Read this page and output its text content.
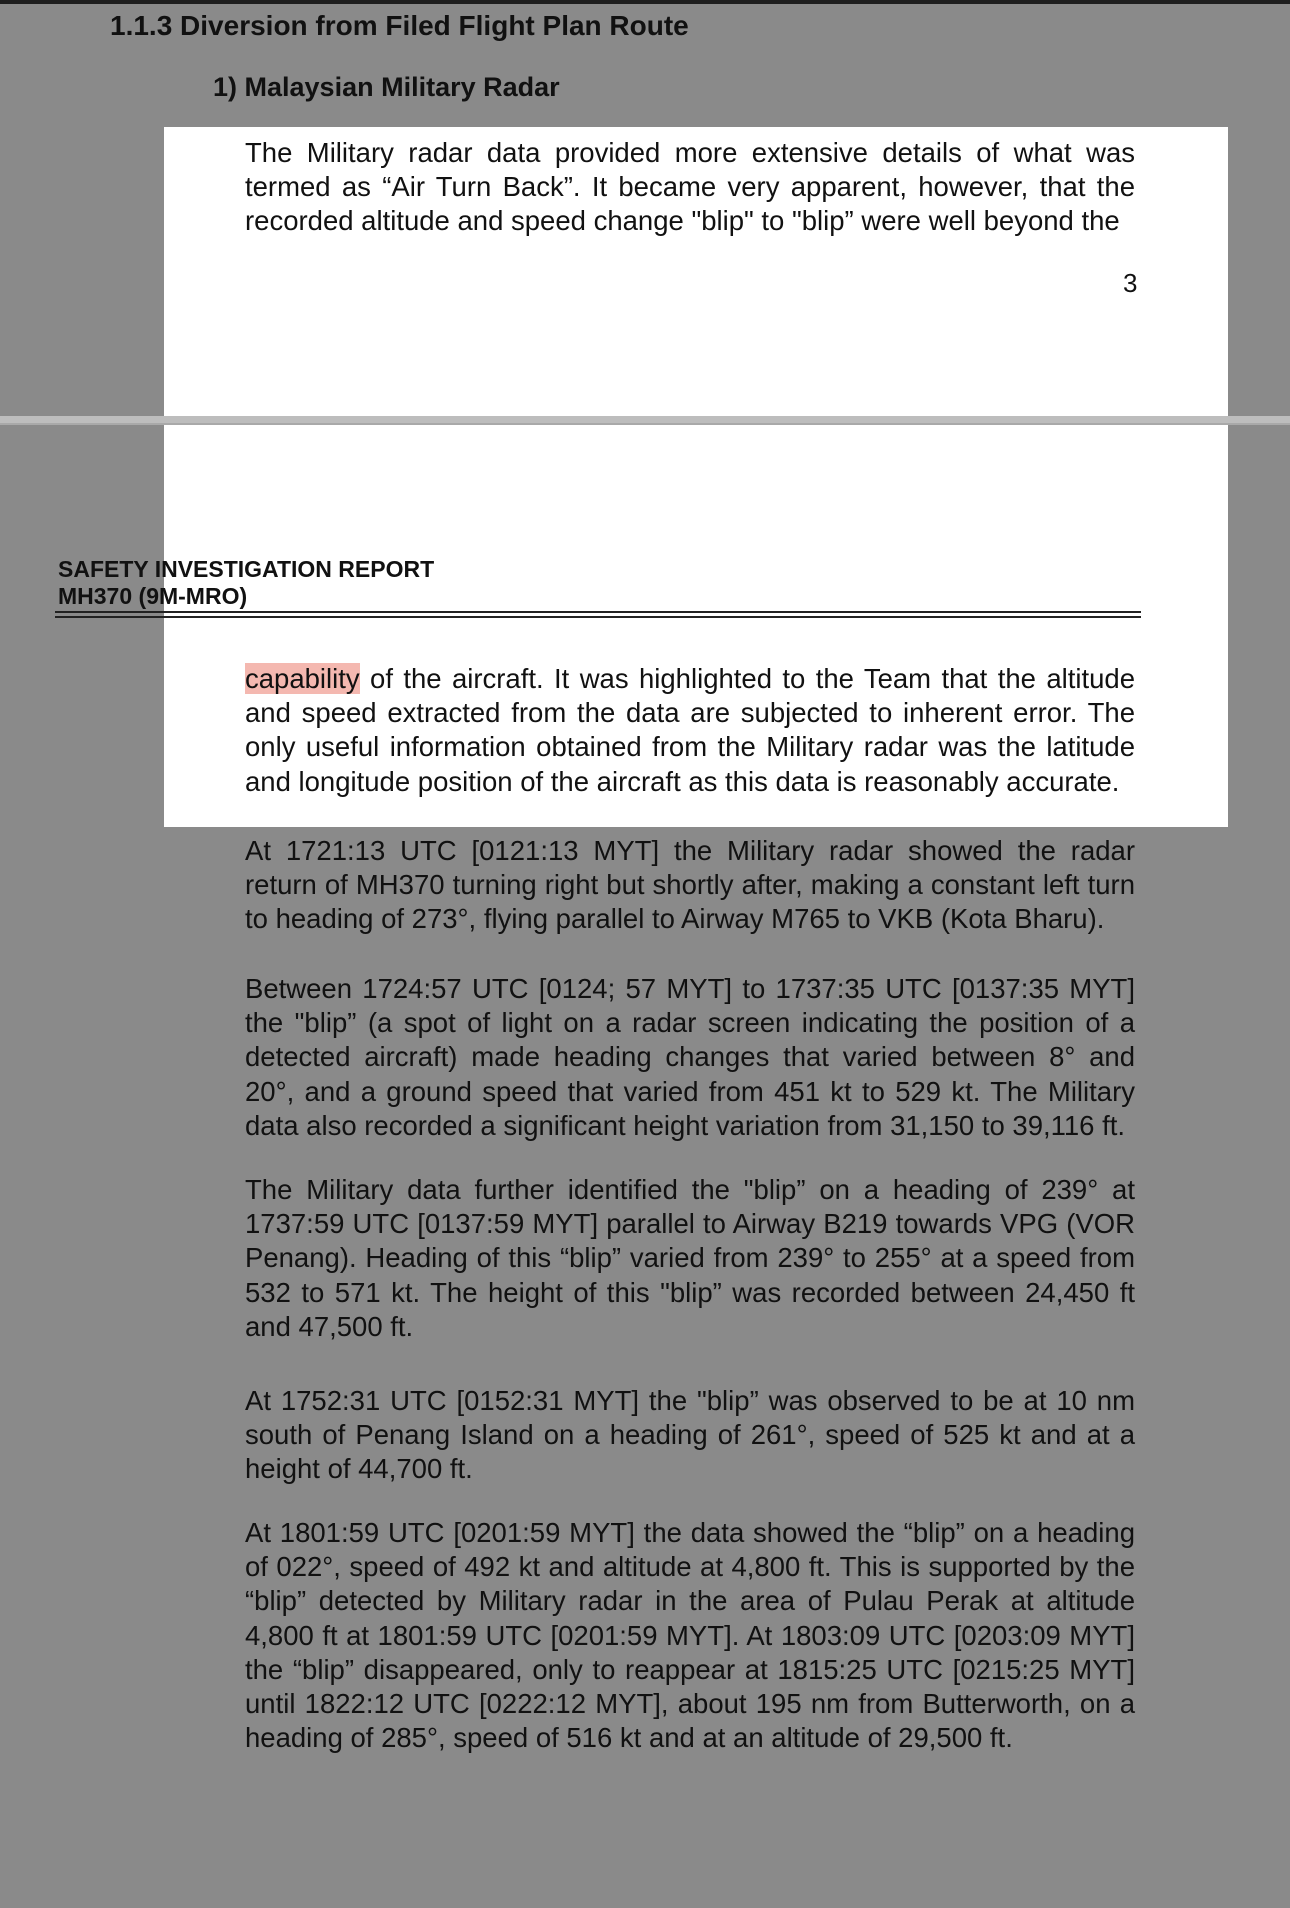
1.1.3 Diversion from Filed Flight Plan Route
1) Malaysian Military Radar

The Military radar data provided more extensive details of what was termed as “Air Turn Back”. It became very apparent, however, that the recorded altitude and speed change "blip" to "blip” were well beyond the

3
SAFETY INVESTIGATION REPORT
MH370 (9M-MRO)

capability of the aircraft. It was highlighted to the Team that the altitude and speed extracted from the data are subjected to inherent error. The only useful information obtained from the Military radar was the latitude and longitude position of the aircraft as this data is reasonably accurate.

At 1721:13 UTC [0121:13 MYT] the Military radar showed the radar return of MH370 turning right but shortly after, making a constant left turn to heading of 273°, flying parallel to Airway M765 to VKB (Kota Bharu).

Between 1724:57 UTC [0124; 57 MYT] to 1737:35 UTC [0137:35 MYT] the "blip” (a spot of light on a radar screen indicating the position of a detected aircraft) made heading changes that varied between 8° and 20°, and a ground speed that varied from 451 kt to 529 kt. The Military data also recorded a significant height variation from 31,150 to 39,116 ft.

The Military data further identified the "blip” on a heading of 239° at 1737:59 UTC [0137:59 MYT] parallel to Airway B219 towards VPG (VOR Penang). Heading of this “blip” varied from 239° to 255° at a speed from 532 to 571 kt. The height of this "blip” was recorded between 24,450 ft and 47,500 ft.

At 1752:31 UTC [0152:31 MYT] the "blip” was observed to be at 10 nm south of Penang Island on a heading of 261°, speed of 525 kt and at a height of 44,700 ft.

At 1801:59 UTC [0201:59 MYT] the data showed the “blip” on a heading of 022°, speed of 492 kt and altitude at 4,800 ft. This is supported by the “blip” detected by Military radar in the area of Pulau Perak at altitude 4,800 ft at 1801:59 UTC [0201:59 MYT]. At 1803:09 UTC [0203:09 MYT] the “blip” disappeared, only to reappear at 1815:25 UTC [0215:25 MYT] until 1822:12 UTC [0222:12 MYT], about 195 nm from Butterworth, on a heading of 285°, speed of 516 kt and at an altitude of 29,500 ft.
